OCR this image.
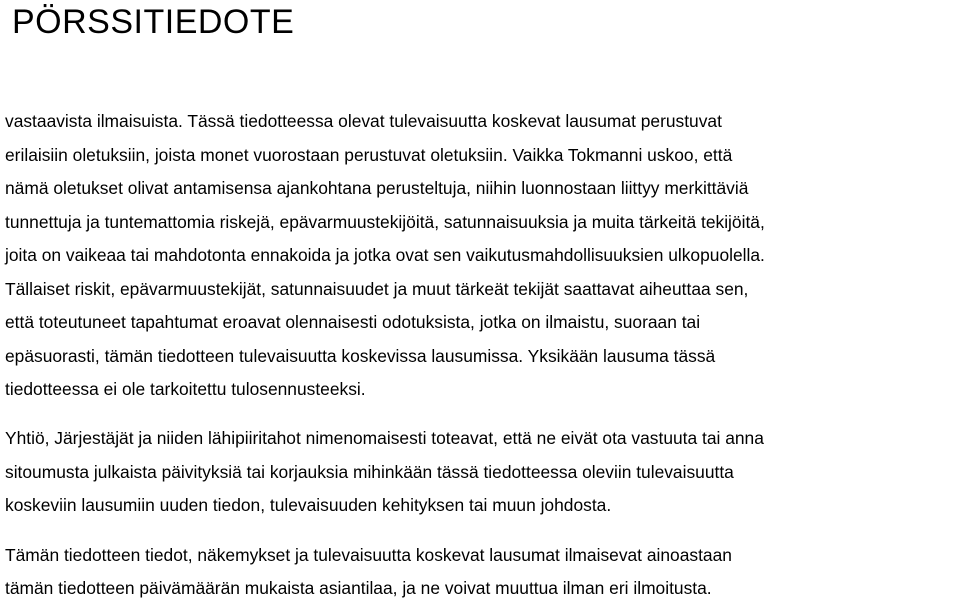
PÖRSSITIEDOTE
vastaavista ilmaisuista. Tässä tiedotteessa olevat tulevaisuutta koskevat lausumat perustuvat
erilaisiin oletuksiin, joista monet vuorostaan perustuvat oletuksiin. Vaikka Tokmanni uskoo, että
nämä oletukset olivat antamisensa ajankohtana perusteltuja, niihin luonnostaan liittyy merkittäviä
tunnettuja ja tuntemattomia riskejä, epävarmuustekijöitä, satunnaisuuksia ja muita tärkeitä tekijöitä,
joita on vaikeaa tai mahdotonta ennakoida ja jotka ovat sen vaikutusmahdollisuuksien ulkopuolella.
Tällaiset riskit, epävarmuustekijät, satunnaisuudet ja muut tärkeät tekijät saattavat aiheuttaa sen,
että toteutuneet tapahtumat eroavat olennaisesti odotuksista, jotka on ilmaistu, suoraan tai
epäsuorasti, tämän tiedotteen tulevaisuutta koskevissa lausumissa. Yksikään lausuma tässä
tiedotteessa ei ole tarkoitettu tulosennusteeksi.
Yhtiö, Järjestäjät ja niiden lähipiiritahot nimenomaisesti toteavat, että ne eivät ota vastuuta tai anna
sitoumusta julkaista päivityksiä tai korjauksia mihinkään tässä tiedotteessa oleviin tulevaisuutta
koskeviin lausumiin uuden tiedon, tulevaisuuden kehityksen tai muun johdosta.
Tämän tiedotteen tiedot, näkemykset ja tulevaisuutta koskevat lausumat ilmaisevat ainoastaan
tämän tiedotteen päivämäärän mukaista asiantilaa, ja ne voivat muuttua ilman eri ilmoitusta.
